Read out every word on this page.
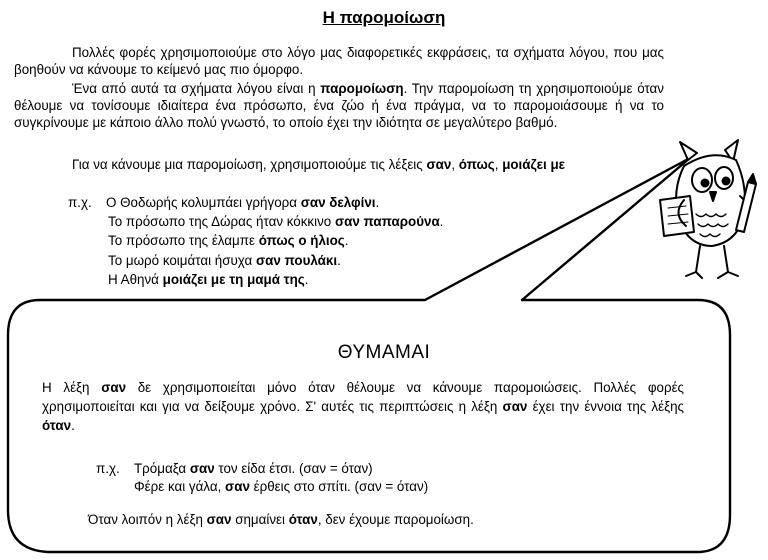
Η παρομοίωση

Πολλές φορές χρησιμοποιούμε στο λόγο μας διαφορετικές εκφράσεις, τα σχήματα λόγου, που μας βοηθούν να κάνουμε το κείμενό μας πιο όμορφο.

Ένα από αυτά τα σχήματα λόγου είναι η παρομοίωση. Την παρομοίωση τη χρησιμοποιούμε όταν θέλουμε να τονίσουμε ιδιαίτερα ένα πρόσωπο, ένα ζώο ή ένα πράγμα, να το παρομοιάσουμε ή να το συγκρίνουμε με κάποιο άλλο πολύ γνωστό, το οποίο έχει την ιδιότητα σε μεγαλύτερο βαθμό.

Για να κάνουμε μια παρομοίωση, χρησιμοποιούμε τις λέξεις σαν, όπως, μοιάζει με

π.χ. Ο Θοδωρής κολυμπάει γρήγορα σαν δελφίνι.
Το πρόσωπο της Δώρας ήταν κόκκινο σαν παπαρούνα.
Το πρόσωπο της έλαμπε όπως ο ήλιος.
Το μωρό κοιμάται ήσυχα σαν πουλάκι.
Η Αθηνά μοιάζει με τη μαμά της.
ΘΥΜΑΜΑΙ

Η λέξη σαν δε χρησιμοποιείται μόνο όταν θέλουμε να κάνουμε παρομοιώσεις. Πολλές φορές χρησιμοποιείται και για να δείξουμε χρόνο. Σ' αυτές τις περιπτώσεις η λέξη σαν έχει την έννοια της λέξης όταν.

π.χ. Τρόμαξα σαν τον είδα έτσι. (σαν = όταν)
Φέρε και γάλα, σαν έρθεις στο σπίτι. (σαν = όταν)
Όταν λοιπόν η λέξη σαν σημαίνει όταν, δεν έχουμε παρομοίωση.
